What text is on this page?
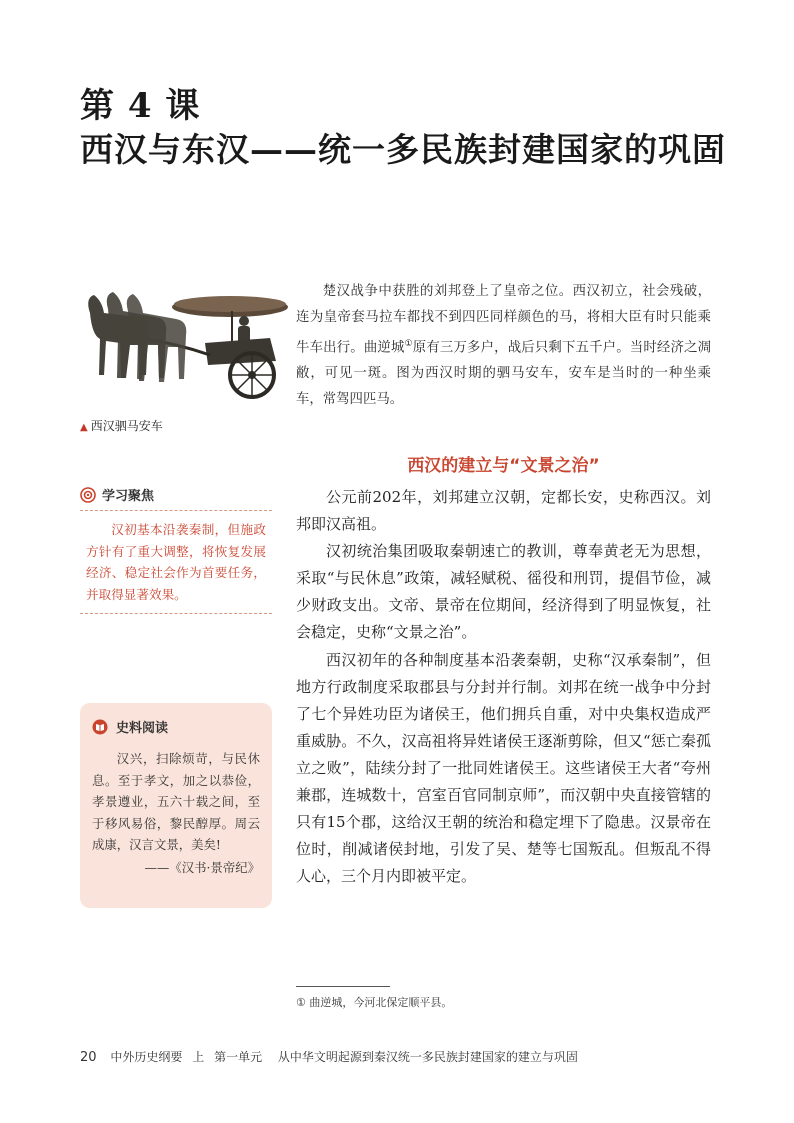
第 4 课
西汉与东汉——统一多民族封建国家的巩固
▲ 西汉驷马安车

楚汉战争中获胜的刘邦登上了皇帝之位。西汉初立，社会残破，连为皇帝套马拉车都找不到四匹同样颜色的马，将相大臣有时只能乘牛车出行。曲逆城①原有三万多户，战后只剩下五千户。当时经济之凋敝，可见一斑。图为西汉时期的驷马安车，安车是当时的一种坐乘车，常驾四匹马。

西汉的建立与“文景之治”

公元前202年，刘邦建立汉朝，定都长安，史称西汉。刘邦即汉高祖。

汉初统治集团吸取秦朝速亡的教训，尊奉黄老无为思想，采取“与民休息”政策，减轻赋税、徭役和刑罚，提倡节俭，减少财政支出。文帝、景帝在位期间，经济得到了明显恢复，社会稳定，史称“文景之治”。

西汉初年的各种制度基本沿袭秦朝，史称“汉承秦制”，但地方行政制度采取郡县与分封并行制。刘邦在统一战争中分封了七个异姓功臣为诸侯王，他们拥兵自重，对中央集权造成严重威胁。不久，汉高祖将异姓诸侯王逐渐剪除，但又“惩亡秦孤立之败”，陆续分封了一批同姓诸侯王。这些诸侯王大者“夸州兼郡，连城数十，宫室百官同制京师”，而汉朝中央直接管辖的只有15个郡，这给汉王朝的统治和稳定埋下了隐患。汉景帝在位时，削减诸侯封地，引发了吴、楚等七国叛乱。但叛乱不得人心，三个月内即被平定。

学习聚焦
汉初基本沿袭秦制，但施政方针有了重大调整，将恢复发展经济、稳定社会作为首要任务，并取得显著效果。
史料阅读
汉兴，扫除烦苛，与民休息。至于孝文，加之以恭俭，孝景遵业，五六十载之间，至于移风易俗，黎民醇厚。周云成康，汉言文景，美矣!
——《汉书·景帝纪》
① 曲逆城，今河北保定顺平县。
20 中外历史纲要 上 第一单元 从中华文明起源到秦汉统一多民族封建国家的建立与巩固
